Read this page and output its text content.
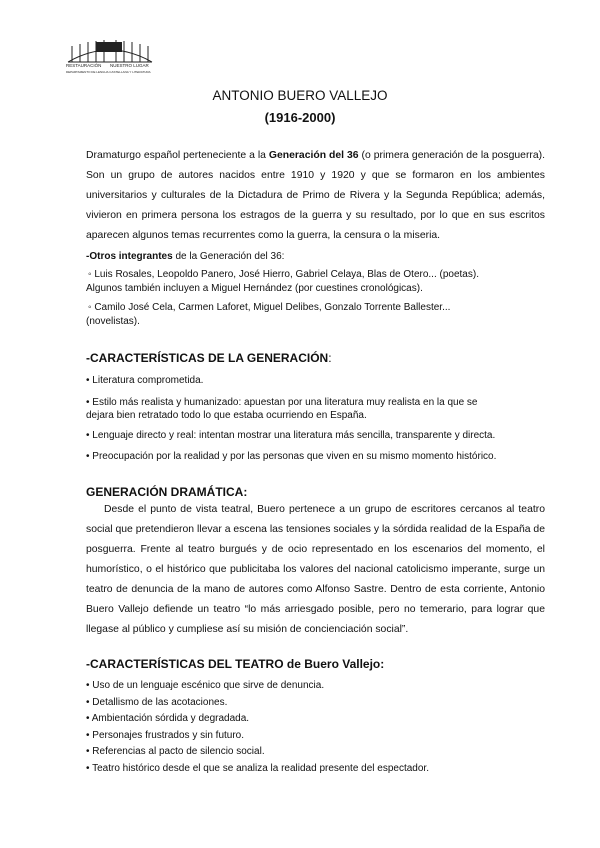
RESTAURACIÓN NUESTRO LUGAR
DEPARTAMENTO DE LENGUA CASTELLANA Y LITERATURA
ANTONIO BUERO VALLEJO
(1916-2000)
Dramaturgo español perteneciente a la Generación del 36 (o primera generación de la posguerra). Son un grupo de autores nacidos entre 1910 y 1920 y que se formaron en los ambientes universitarios y culturales de la Dictadura de Primo de Rivera y la Segunda República; además, vivieron en primera persona los estragos de la guerra y su resultado, por lo que en sus escritos aparecen algunos temas recurrentes como la guerra, la censura o la miseria.
-Otros integrantes de la Generación del 36:
◦ Luis Rosales, Leopoldo Panero, José Hierro, Gabriel Celaya, Blas de Otero... (poetas).
Algunos también incluyen a Miguel Hernández (por cuestines cronológicas).
◦ Camilo José Cela, Carmen Laforet, Miguel Delibes, Gonzalo Torrente Ballester...
(novelistas).
-CARACTERÍSTICAS DE LA GENERACIÓN:
• Literatura comprometida.
• Estilo más realista y humanizado: apuestan por una literatura muy realista en la que se
dejara bien retratado todo lo que estaba ocurriendo en España.
• Lenguaje directo y real: intentan mostrar una literatura más sencilla, transparente y directa.
• Preocupación por la realidad y por las personas que viven en su mismo momento histórico.
GENERACIÓN DRAMÁTICA:
Desde el punto de vista teatral, Buero pertenece a un grupo de escritores cercanos al teatro social que pretendieron llevar a escena las tensiones sociales y la sórdida realidad de la España de posguerra. Frente al teatro burgués y de ocio representado en los escenarios del momento, el humorístico, o el histórico que publicitaba los valores del nacional catolicismo imperante, surge un teatro de denuncia de la mano de autores como Alfonso Sastre. Dentro de esta corriente, Antonio Buero Vallejo defiende un teatro “lo más arriesgado posible, pero no temerario, para lograr que llegase al público y cumpliese así su misión de concienciación social”.
-CARACTERÍSTICAS DEL TEATRO de Buero Vallejo:
• Uso de un lenguaje escénico que sirve de denuncia.
• Detallismo de las acotaciones.
• Ambientación sórdida y degradada.
• Personajes frustrados y sin futuro.
• Referencias al pacto de silencio social.
• Teatro histórico desde el que se analiza la realidad presente del espectador.
